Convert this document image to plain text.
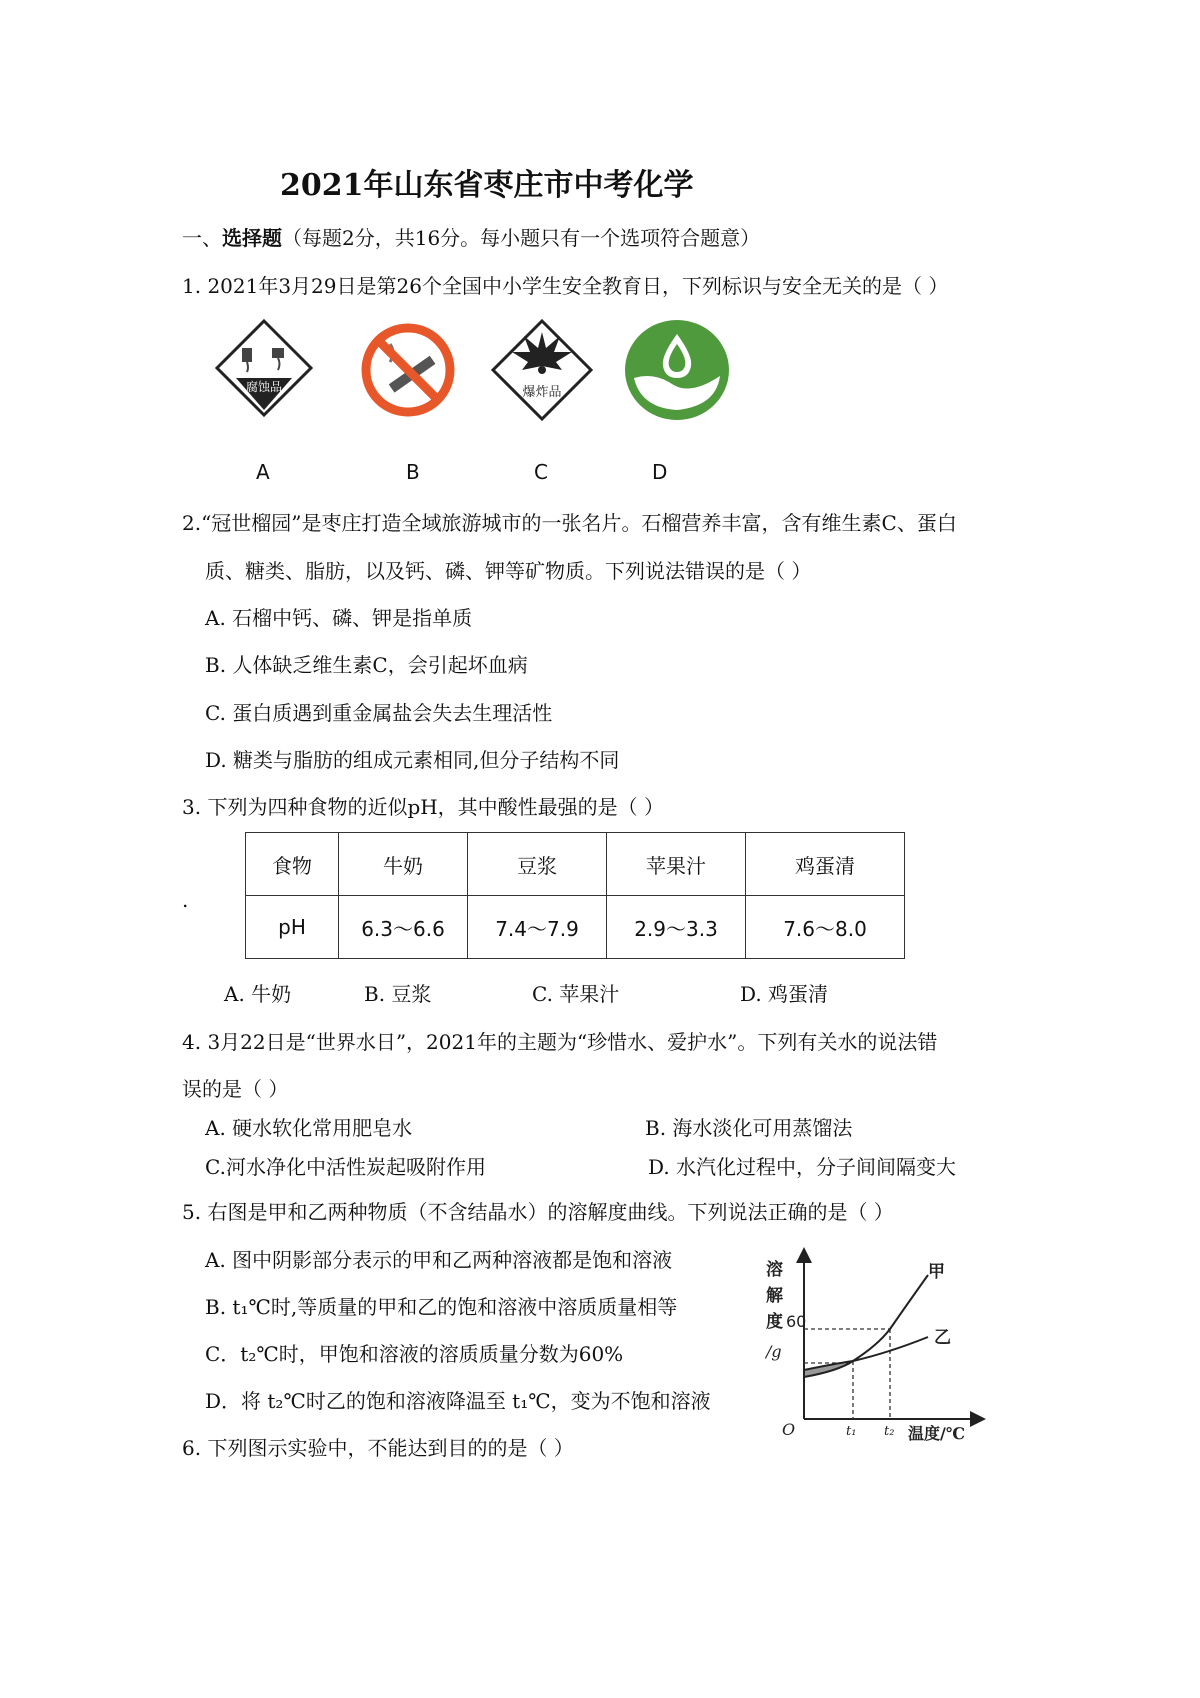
2021年山东省枣庄市中考化学
一、选择题（每题2分，共16分。每小题只有一个选项符合题意）
1. 2021年3月29日是第26个全国中小学生安全教育日，下列标识与安全无关的是（ ）
腐蚀品	爆炸品
A	B	C	D
2.“冠世榴园”是枣庄打造全域旅游城市的一张名片。石榴营养丰富，含有维生素C、蛋白
质、糖类、脂肪，以及钙、磷、钾等矿物质。下列说法错误的是（ ）
A. 石榴中钙、磷、钾是指单质
B. 人体缺乏维生素C，会引起坏血病
C. 蛋白质遇到重金属盐会失去生理活性
D. 糖类与脂肪的组成元素相同,但分子结构不同
3. 下列为四种食物的近似pH，其中酸性最强的是（ ）
.
食物	牛奶	豆浆	苹果汁	鸡蛋清
pH	6.3～6.6	7.4～7.9	2.9～3.3	7.6～8.0
A. 牛奶	B. 豆浆	C. 苹果汁	D. 鸡蛋清
4. 3月22日是“世界水日”，2021年的主题为“珍惜水、爱护水”。下列有关水的说法错
误的是（ ）
A. 硬水软化常用肥皂水	B. 海水淡化可用蒸馏法
C.河水净化中活性炭起吸附作用	D. 水汽化过程中，分子间间隔变大
5. 右图是甲和乙两种物质（不含结晶水）的溶解度曲线。下列说法正确的是（ ）
A. 图中阴影部分表示的甲和乙两种溶液都是饱和溶液
B. t₁℃时,等质量的甲和乙的饱和溶液中溶质质量相等
C．t₂℃时，甲饱和溶液的溶质质量分数为60%
D．将 t₂℃时乙的饱和溶液降温至 t₁℃，变为不饱和溶液
溶
解
度 60
/g
O	t₁ t₂ 温度/℃
甲
乙
6. 下列图示实验中，不能达到目的的是（ ）
